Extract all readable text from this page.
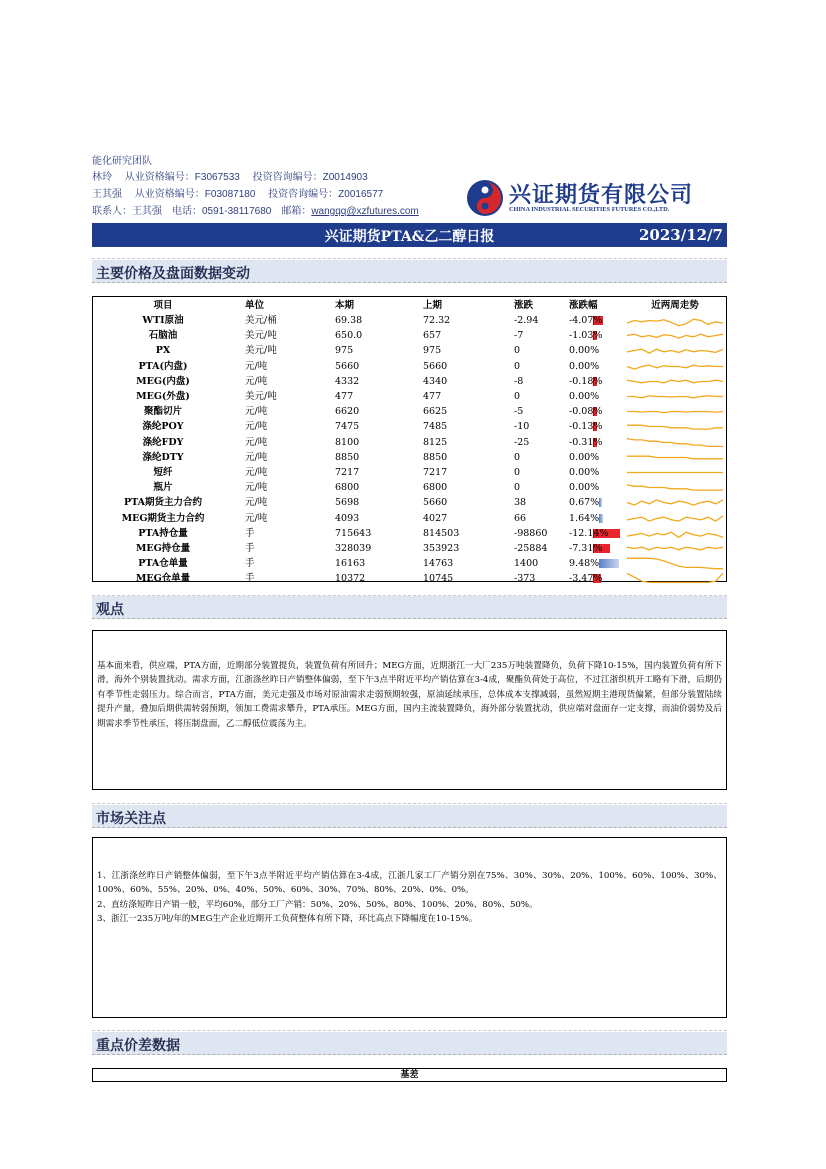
能化研究团队
林玲 从业资格编号：F3067533 投资咨询编号：Z0014903
王其强 从业资格编号：F03087180 投资咨询编号：Z0016577
联系人：王其强　电话：0591-38117680　邮箱：wangqq@xzfutures.com
兴证期货有限公司
CHINA INDUSTRIAL SECURITIES FUTURES CO.,LTD.
兴证期货PTA&乙二醇日报	2023/12/7
主要价格及盘面数据变动
项目	单位	本期	上期	涨跌	涨跌幅	近两周走势
WTI原油	美元/桶	69.38	72.32	-2.94	-4.07%
石脑油	美元/吨	650.0	657	-7	-1.03%
PX	美元/吨	975	975	0	0.00%
PTA(内盘)	元/吨	5660	5660	0	0.00%
MEG(内盘)	元/吨	4332	4340	-8	-0.18%
MEG(外盘)	美元/吨	477	477	0	0.00%
聚酯切片	元/吨	6620	6625	-5	-0.08%
涤纶POY	元/吨	7475	7485	-10	-0.13%
涤纶FDY	元/吨	8100	8125	-25	-0.31%
涤纶DTY	元/吨	8850	8850	0	0.00%
短纤	元/吨	7217	7217	0	0.00%
瓶片	元/吨	6800	6800	0	0.00%
PTA期货主力合约	元/吨	5698	5660	38	0.67%
MEG期货主力合约	元/吨	4093	4027	66	1.64%
PTA持仓量	手	715643	814503	-98860 -12.14%
MEG持仓量	手	328039	353923	-25884 -7.31%
PTA仓单量	手	16163	14763	1400	9.48%
MEG仓单量	手	10372	10745	-373	-3.47%
观点
基本面来看，供应端，PTA方面，近期部分装置提负，装置负荷有所回升；MEG方面，近期浙江一大厂235万吨装置降负，负荷下降10-15%，国内装置负荷有所下滑，海外个别装置扰动。需求方面，江浙涤丝昨日产销整体偏弱，至下午3点半附近平均产销估算在3-4成，聚酯负荷处于高位，不过江浙织机开工略有下滑，后期仍有季节性走弱压力。综合而言，PTA方面，美元走强及市场对原油需求走弱预期较强，原油延续承压，总体成本支撑减弱，虽然短期主港现货偏紧，但部分装置陆续提升产量，叠加后期供需转弱预期，领加工费需求攀升，PTA承压。MEG方面，国内主流装置降负，海外部分装置扰动，供应端对盘面存一定支撑，而油价弱势及后期需求季节性承压，将压制盘面，乙二醇低位震荡为主。
市场关注点
1、江浙涤丝昨日产销整体偏弱，至下午3点半附近平均产销估算在3-4成，江浙几家工厂产销分别在75%、30%、30%、20%、100%、60%、100%、30%、100%、60%、55%、20%、0%、40%、50%、60%、30%、70%、80%、20%、0%、0%。
2、直纺涤短昨日产销一般，平均60%，部分工厂产销：50%、20%、50%、80%、100%、20%、80%、50%。
3、浙江一235万吨/年的MEG生产企业近期开工负荷整体有所下降，环比高点下降幅度在10-15%。
重点价差数据
基差
